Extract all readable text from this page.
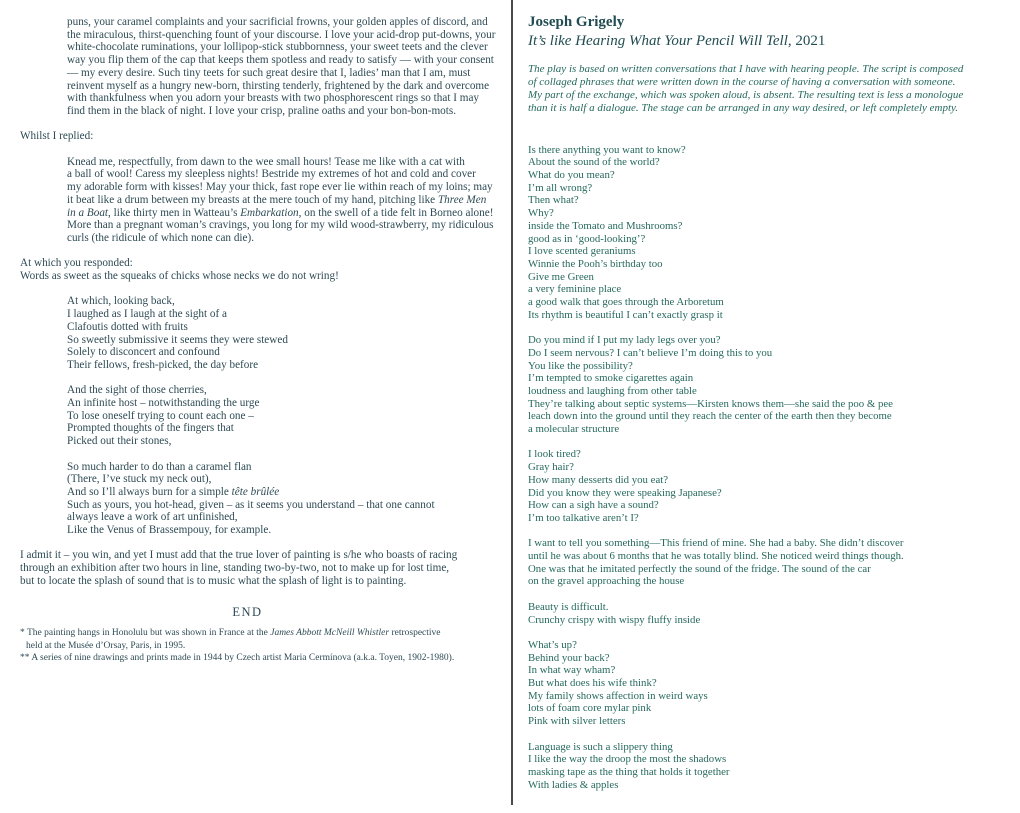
puns, your caramel complaints and your sacrificial frowns, your golden apples of discord, and
the miraculous, thirst-quenching fount of your discourse. I love your acid-drop put-downs, your
white-chocolate ruminations, your lollipop-stick stubbornness, your sweet teets and the clever
way you flip them of the cap that keeps them spotless and ready to satisfy — with your consent
— my every desire. Such tiny teets for such great desire that I, ladies’ man that I am, must
reinvent myself as a hungry new-born, thirsting tenderly, frightened by the dark and overcome
with thankfulness when you adorn your breasts with two phosphorescent rings so that I may
find them in the black of night. I love your crisp, praline oaths and your bon-bon-mots.
Whilst I replied:
Knead me, respectfully, from dawn to the wee small hours! Tease me like with a cat with
a ball of wool! Caress my sleepless nights! Bestride my extremes of hot and cold and cover
my adorable form with kisses! May your thick, fast rope ever lie within reach of my loins; may
it beat like a drum between my breasts at the mere touch of my hand, pitching like Three Men
in a Boat, like thirty men in Watteau’s Embarkation, on the swell of a tide felt in Borneo alone!
More than a pregnant woman’s cravings, you long for my wild wood-strawberry, my ridiculous
curls (the ridicule of which none can die).
At which you responded:
Words as sweet as the squeaks of chicks whose necks we do not wring!
At which, looking back,
I laughed as I laugh at the sight of a
Clafoutis dotted with fruits
So sweetly submissive it seems they were stewed
Solely to disconcert and confound
Their fellows, fresh-picked, the day before
And the sight of those cherries,
An infinite host – notwithstanding the urge
To lose oneself trying to count each one –
Prompted thoughts of the fingers that
Picked out their stones,
So much harder to do than a caramel flan
(There, I’ve stuck my neck out),
And so I’ll always burn for a simple tête brûlée
Such as yours, you hot-head, given – as it seems you understand – that one cannot
always leave a work of art unfinished,
Like the Venus of Brassempouy, for example.
I admit it – you win, and yet I must add that the true lover of painting is s/he who boasts of racing
through an exhibition after two hours in line, standing two-by-two, not to make up for lost time,
but to locate the splash of sound that is to music what the splash of light is to painting.
END
* The painting hangs in Honolulu but was shown in France at the James Abbott McNeill Whistler retrospective
held at the Musée d’Orsay, Paris, in 1995.
** A series of nine drawings and prints made in 1944 by Czech artist Maria Cermínova (a.k.a. Toyen, 1902-1980).
Joseph Grigely
It’s like Hearing What Your Pencil Will Tell, 2021
The play is based on written conversations that I have with hearing people. The script is composed
of collaged phrases that were written down in the course of having a conversation with someone.
My part of the exchange, which was spoken aloud, is absent. The resulting text is less a monologue
than it is half a dialogue. The stage can be arranged in any way desired, or left completely empty.
Is there anything you want to know?
About the sound of the world?
What do you mean?
I’m all wrong?
Then what?
Why?
inside the Tomato and Mushrooms?
good as in ‘good-looking’?
I love scented geraniums
Winnie the Pooh’s birthday too
Give me Green
a very feminine place
a good walk that goes through the Arboretum
Its rhythm is beautiful I can’t exactly grasp it
Do you mind if I put my lady legs over you?
Do I seem nervous? I can’t believe I’m doing this to you
You like the possibility?
I’m tempted to smoke cigarettes again
loudness and laughing from other table
They’re talking about septic systems—Kirsten knows them—she said the poo & pee
leach down into the ground until they reach the center of the earth then they become
a molecular structure
I look tired?
Gray hair?
How many desserts did you eat?
Did you know they were speaking Japanese?
How can a sigh have a sound?
I’m too talkative aren’t I?
I want to tell you something—This friend of mine. She had a baby. She didn’t discover
until he was about 6 months that he was totally blind. She noticed weird things though.
One was that he imitated perfectly the sound of the fridge. The sound of the car
on the gravel approaching the house
Beauty is difficult.
Crunchy crispy with wispy fluffy inside
What’s up?
Behind your back?
In what way wham?
But what does his wife think?
My family shows affection in weird ways
lots of foam core mylar pink
Pink with silver letters
Language is such a slippery thing
I like the way the droop the most the shadows
masking tape as the thing that holds it together
With ladies & apples
